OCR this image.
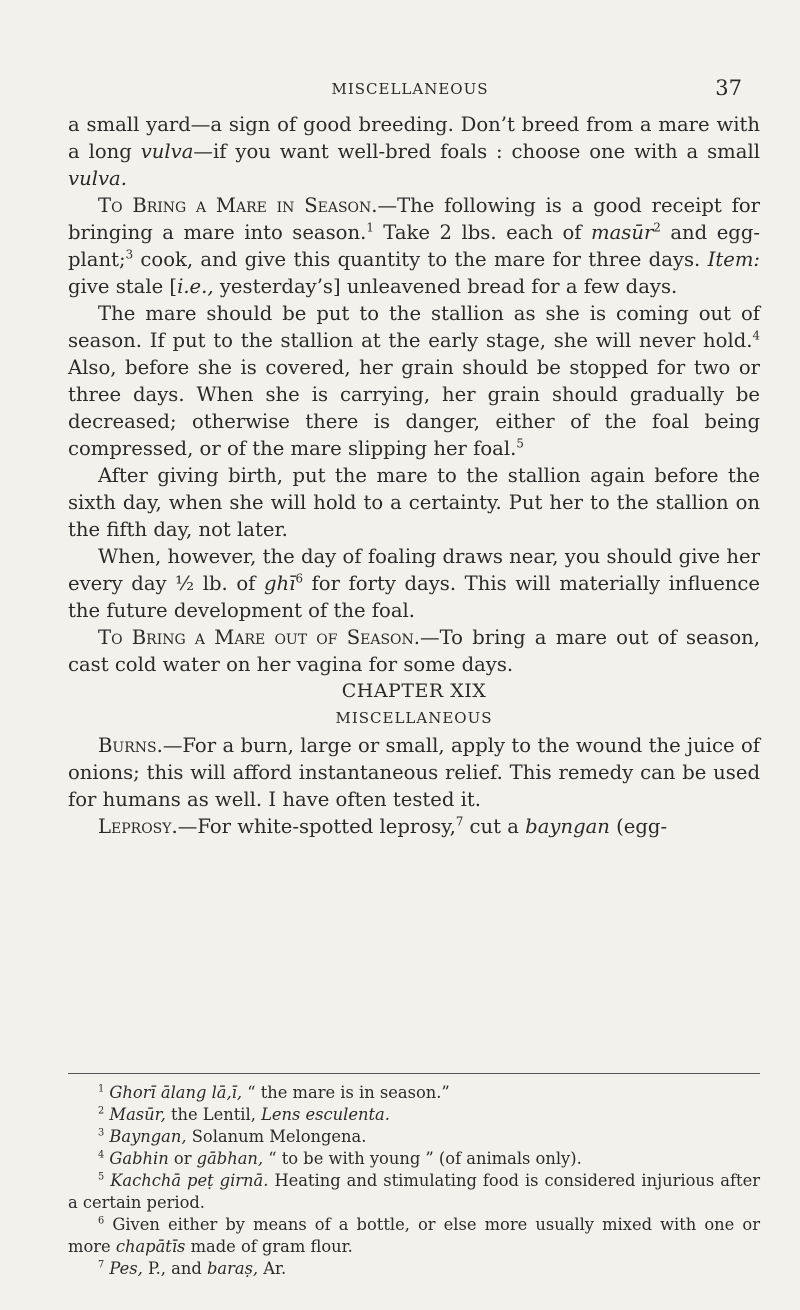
MISCELLANEOUS	37

a small yard—a sign of good breeding. Don’t breed from a mare with a long vulva—if you want well-bred foals : choose one with a small vulva.

To Bring a Mare in Season.—The following is a good receipt for bringing a mare into season.$^1$ Take 2 lbs. each of masūr$^2$ and egg-plant;$^3$ cook, and give this quantity to the mare for three days. Item: give stale [i.e., yesterday’s] unleavened bread for a few days.

The mare should be put to the stallion as she is coming out of season. If put to the stallion at the early stage, she will never hold.$^4$ Also, before she is covered, her grain should be stopped for two or three days. When she is carrying, her grain should gradually be decreased; otherwise there is danger, either of the foal being compressed, or of the mare slipping her foal.$^5$

After giving birth, put the mare to the stallion again before the sixth day, when she will hold to a certainty. Put her to the stallion on the fifth day, not later.

When, however, the day of foaling draws near, you should give her every day ½ lb. of ghī$^6$ for forty days. This will materially influence the future development of the foal.

To Bring a Mare out of Season.—To bring a mare out of season, cast cold water on her vagina for some days.

CHAPTER XIX

MISCELLANEOUS

Burns.—For a burn, large or small, apply to the wound the juice of onions; this will afford instantaneous relief. This remedy can be used for humans as well. I have often tested it.

Leprosy.—For white-spotted leprosy,$^7$ cut a bayngan (egg-

$^1$ Ghorī ālang lā,ī, “ the mare is in season.”

$^2$ Masūr, the Lentil, Lens esculenta.

$^3$ Bayngan, Solanum Melongena.

$^4$ Gabhin or gābhan, “ to be with young ” (of animals only).

$^5$ Kachchā peṭ girnā. Heating and stimulating food is considered injurious after a certain period.

$^6$ Given either by means of a bottle, or else more usually mixed with one or more chapātīs made of gram flour.

$^7$ Pes, P., and baraṣ, Ar.
